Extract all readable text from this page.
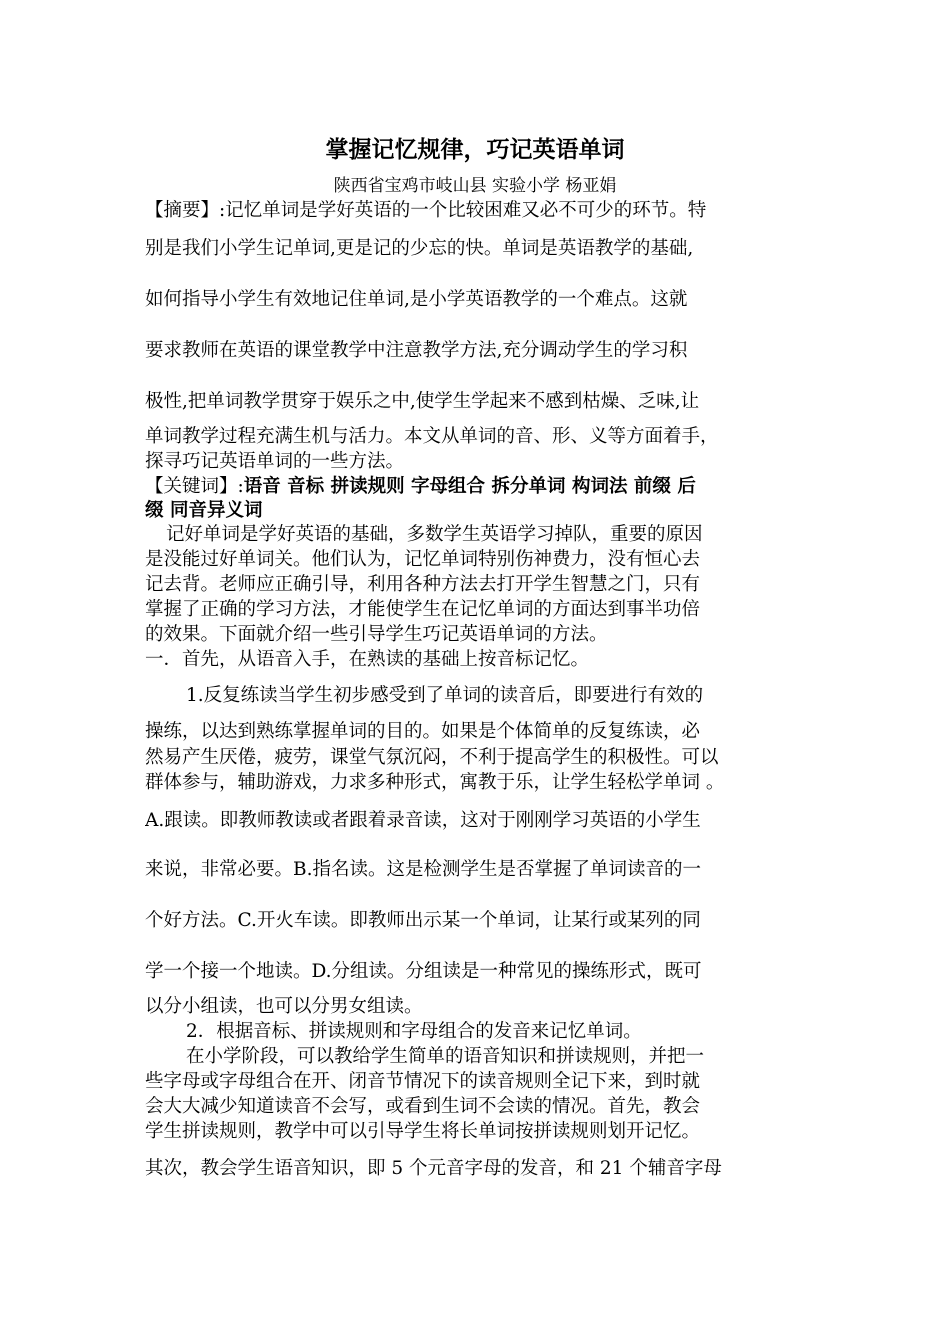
掌握记忆规律，巧记英语单词
陕西省宝鸡市岐山县 实验小学 杨亚娟
【摘要】:记忆单词是学好英语的一个比较困难又必不可少的环节。特
别是我们小学生记单词,更是记的少忘的快。单词是英语教学的基础,
如何指导小学生有效地记住单词,是小学英语教学的一个难点。这就
要求教师在英语的课堂教学中注意教学方法,充分调动学生的学习积
极性,把单词教学贯穿于娱乐之中,使学生学起来不感到枯燥、乏味,让
单词教学过程充满生机与活力。本文从单词的音、形、义等方面着手，
探寻巧记英语单词的一些方法。
【关键词】:语音 音标 拼读规则 字母组合 拆分单词 构词法 前缀 后
缀 同音异义词
记好单词是学好英语的基础，多数学生英语学习掉队，重要的原因
是没能过好单词关。他们认为，记忆单词特别伤神费力，没有恒心去
记去背。老师应正确引导，利用各种方法去打开学生智慧之门，只有
掌握了正确的学习方法，才能使学生在记忆单词的方面达到事半功倍
的效果。下面就介绍一些引导学生巧记英语单词的方法。
一．首先，从语音入手，在熟读的基础上按音标记忆。
1.反复练读当学生初步感受到了单词的读音后，即要进行有效的
操练，以达到熟练掌握单词的目的。如果是个体简单的反复练读，必
然易产生厌倦，疲劳，课堂气氛沉闷，不利于提高学生的积极性。可以
群体参与，辅助游戏，力求多种形式，寓教于乐，让学生轻松学单词 。
A.跟读。即教师教读或者跟着录音读，这对于刚刚学习英语的小学生
来说，非常必要。B.指名读。这是检测学生是否掌握了单词读音的一
个好方法。C.开火车读。即教师出示某一个单词，让某行或某列的同
学一个接一个地读。D.分组读。分组读是一种常见的操练形式，既可
以分小组读，也可以分男女组读。
2．根据音标、拼读规则和字母组合的发音来记忆单词。
在小学阶段，可以教给学生简单的语音知识和拼读规则，并把一
些字母或字母组合在开、闭音节情况下的读音规则全记下来，到时就
会大大减少知道读音不会写，或看到生词不会读的情况。首先，教会
学生拼读规则，教学中可以引导学生将长单词按拼读规则划开记忆。
其次，教会学生语音知识，即 5 个元音字母的发音，和 21 个辅音字母
